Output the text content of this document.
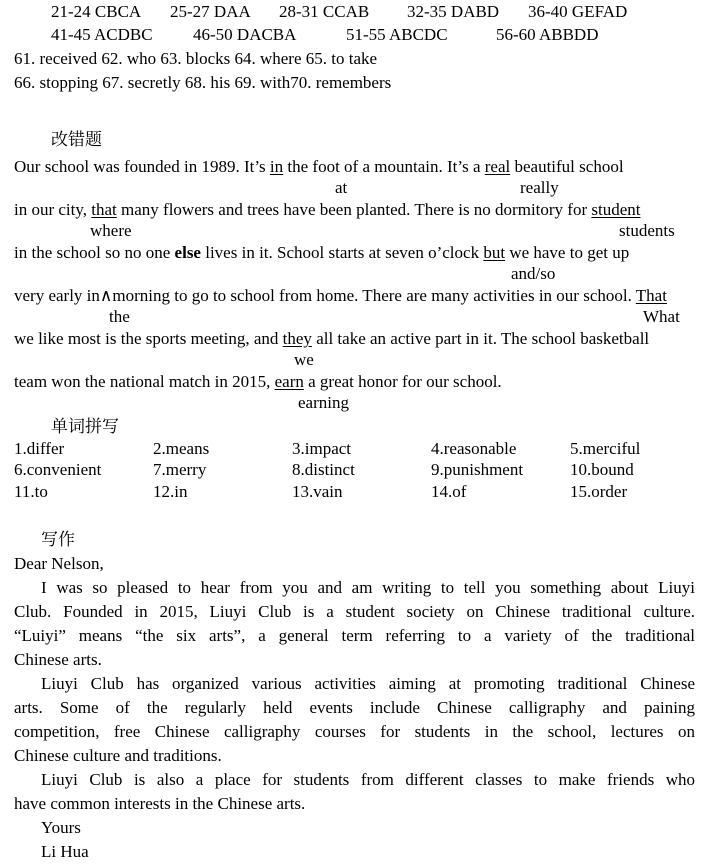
21-24 CBCA 25-27 DAA 28-31 CCAB 32-35 DABD 36-40 GEFAD
41-45 ACDBC 46-50 DACBA	51-55 ABCDC	56-60 ABBDD
61. received 62. who 63. blocks 64. where 65. to take
66. stopping 67. secretly 68. his 69. with70. remembers
改错题
Our school was founded in 1989. It’s in the foot of a mountain. It’s a real beautiful school
at	really
in our city, that many flowers and trees have been planted. There is no dormitory for student
where	students
in the school so no one else lives in it. School starts at seven o’clock but we have to get up
and/so
very early in∧morning to go to school from home. There are many activities in our school. That
the	What
we like most is the sports meeting, and they all take an active part in it. The school basketball
we
team won the national match in 2015, earn a great honor for our school.
earning
单词拼写
1.differ	2.means	3.impact	4.reasonable	5.merciful
6.convenient	7.merry	8.distinct	9.punishment	10.bound
11.to	12.in	13.vain	14.of	15.order
写作
Dear Nelson,
I was so pleased to hear from you and am writing to tell you something about Liuyi
Club. Founded in 2015, Liuyi Club is a student society on Chinese traditional culture.
“Luiyi” means “the six arts”, a general term referring to a variety of the traditional
Chinese arts.
Liuyi Club has organized various activities aiming at promoting traditional Chinese
arts. Some of the regularly held events include Chinese calligraphy and paining
competition, free Chinese calligraphy courses for students in the school, lectures on
Chinese culture and traditions.
Liuyi Club is also a place for students from different classes to make friends who
have common interests in the Chinese arts.
Yours
Li Hua
